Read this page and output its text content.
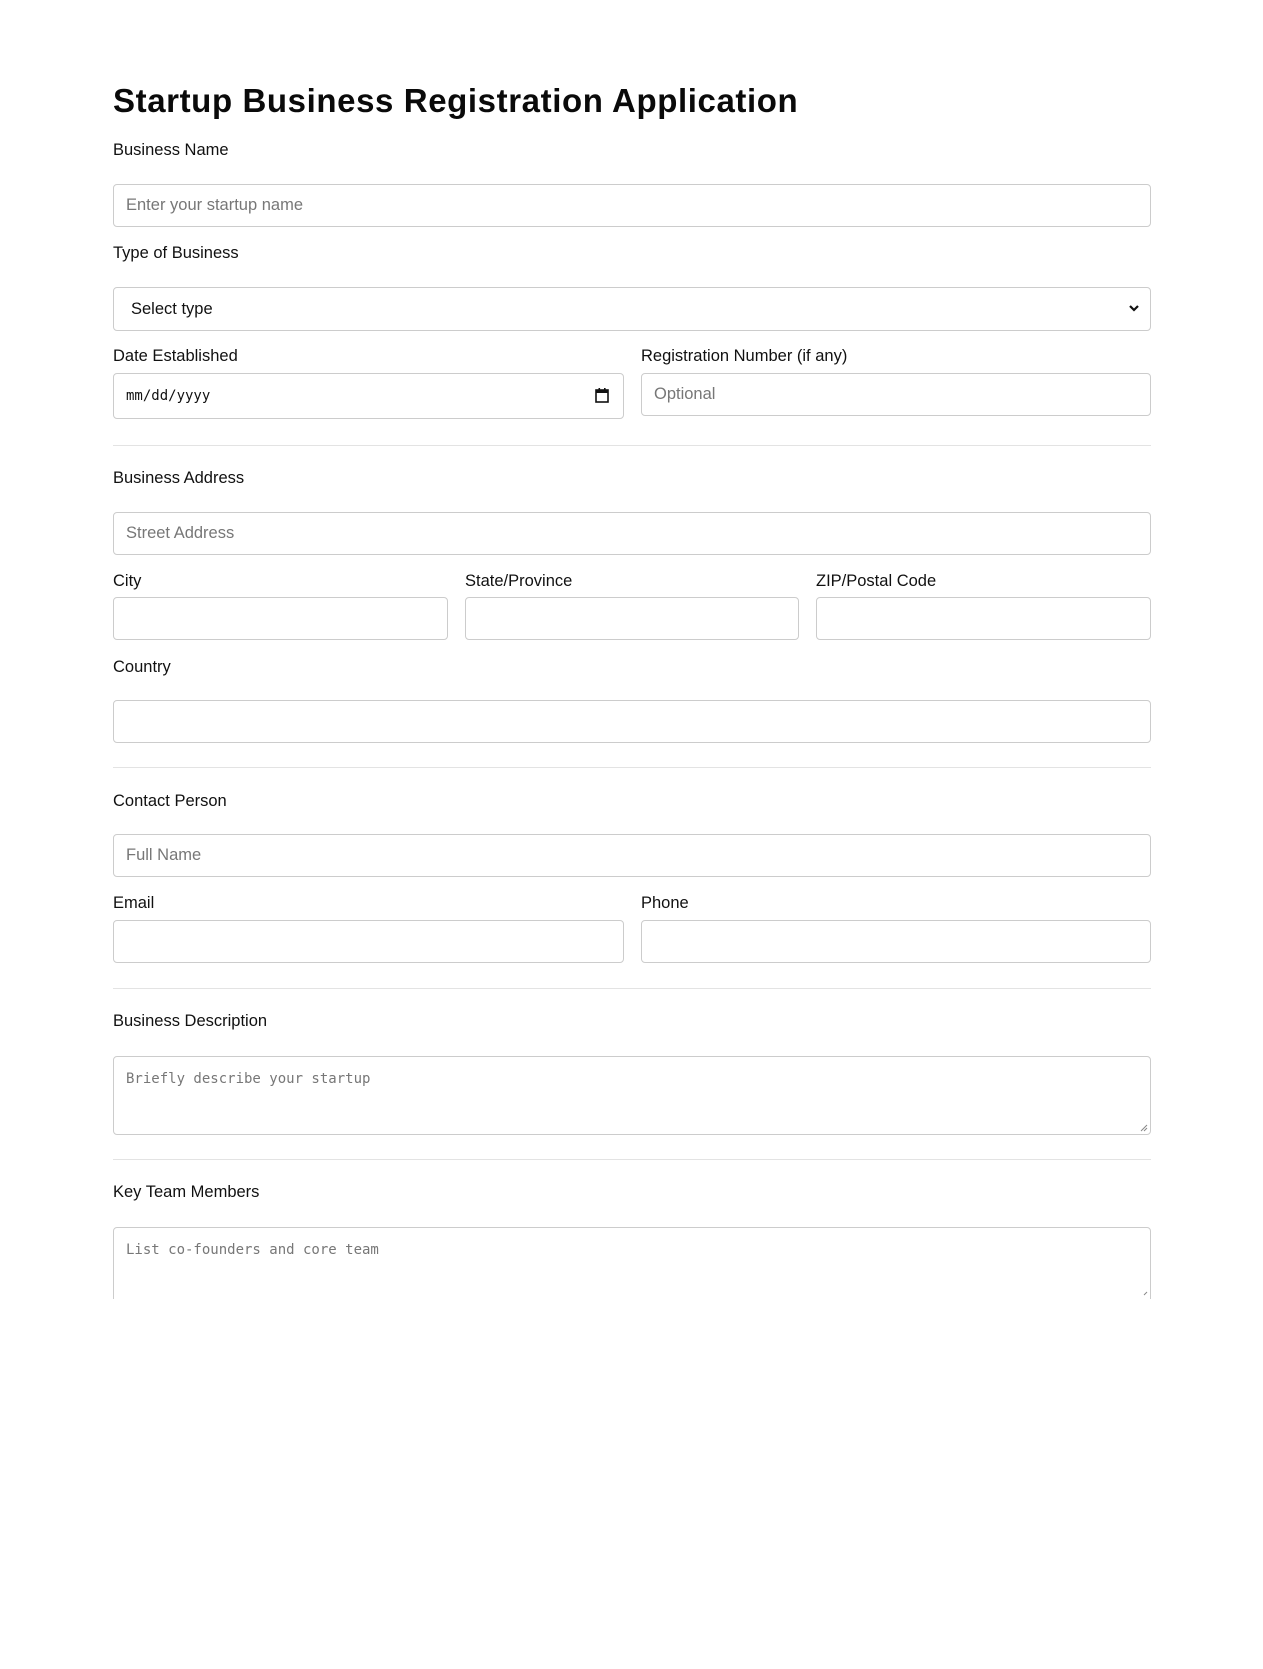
Startup Business Registration Application
Business Name
Enter your startup name
Type of Business
Select type
Date Established
mm/dd/yyyy
Registration Number (if any)
Optional
Business Address
Street Address
City	State/Province	ZIP/Postal Code
Country
Contact Person
Full Name
Email	Phone
Business Description
Briefly describe your startup
Key Team Members
List co-founders and core team
